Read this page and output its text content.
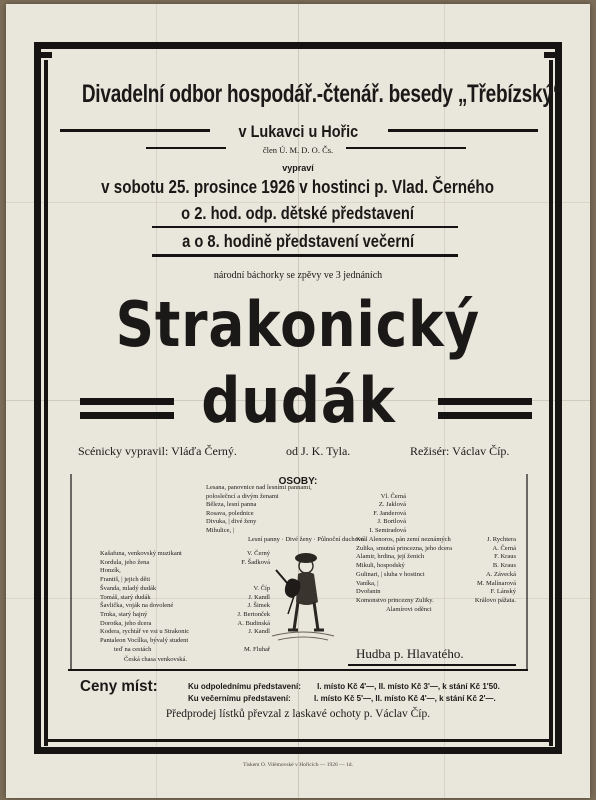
Divadelní odbor hospodář.-čtenář. besedy „Třebízský“
v Lukavci u Hořic
člen Ú. M. D. O. Čs.
vypraví
v sobotu 25. prosince 1926 v hostinci p. Vlad. Černého
o 2. hod. odp. dětské představení
a o 8. hodině představení večerní
národní báchorky se zpěvy ve 3 jednáních
Strakonický
dudák
Scénicky vypravil: Vláďa Černý.	od J. K. Tyla.	Režisér: Václav Číp.
OSOBY:
Lesana, panovnice nad lesními pannami,
poloslečncí a divým ženami	Vl. Černá
Běleza, lesní panna	Z. Jaklová
Rosava, polednice	F. Janderová
Divuka, | divé ženy	J. Bortlová
Mihulice, |	I. Semiradová
Lesní panny · Divé ženy · Půlnoční duchové
Kašafuna, venkovský muzikant	V. Černý
Kordula, jeho žena	F. Šadková
Honzík,
Františ, | jejich děti
Švanda, mladý dudák	V. Číp
Tomáš, starý dudák	J. Kandl
Šavlička, voják na dovolené	J. Šimek
Trnka, starý hajný	J. Bertonček
Dorotka, jeho dcera	A. Budinská
Kodera, rychtář ve vsi u Strakonic	J. Kandl
Pantaleon Vocílka, bývalý student
teď na cestách	M. Fluhař
Česká chasa venkovská.
Král Alenoros, pán zemí neznámých	J. Rychtera
Zulika, smutná princezna, jeho dcera	A. Černá
Alamir, hrdina, její ženich	F. Kraus
Mikuli, hospodský	B. Kraus
Gulinari, | sluha v hostinci	A. Závecká
Vaníka, |	M. Malínarová
Dvořanin	F. Lánský
Komonstvo princezny Zuliky.	Královo pážata.
Alamírovi oděnci
Hudba p. Hlavatého.
Ceny míst:	Ku odpolednímu představení: I. místo Kč 4'—, II. místo Kč 3'—, k stání Kč 1'50.
Ku večernímu představení:	I. místo Kč 5'—, II. místo Kč 4'—, k stání Kč 2'—.
Předprodej lístků převzal z laskavé ochoty p. Václav Číp.
Tiskem O. Vilémovské v Hořicích — 1926 — 1d.
